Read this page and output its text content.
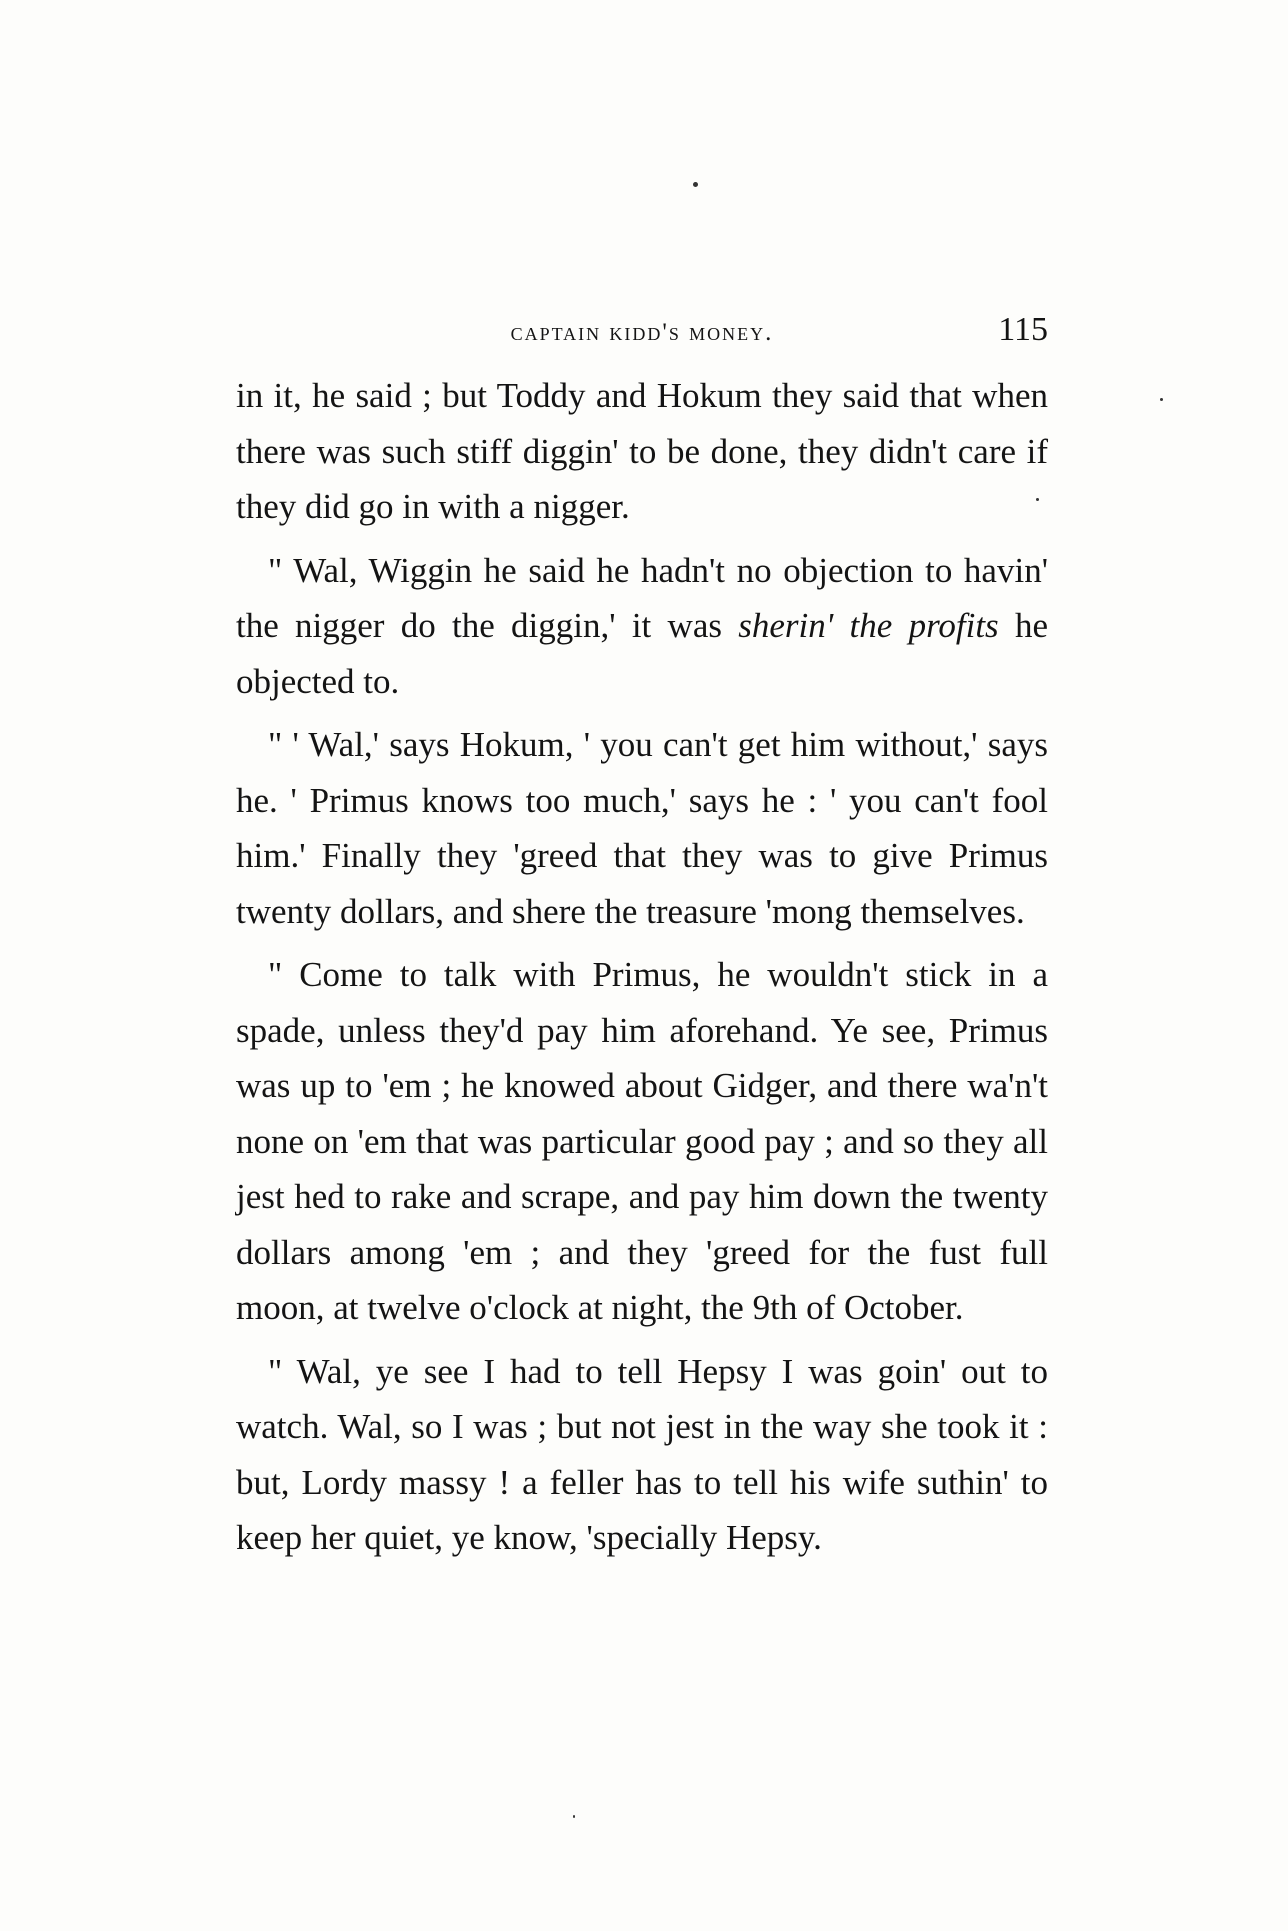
captain kidd's money.	115

in it, he said ; but Toddy and Hokum they said that when there was such stiff diggin' to be done, they didn't care if they did go in with a nigger.

" Wal, Wiggin he said he hadn't no objection to havin' the nigger do the diggin,' it was sherin' the profits he objected to.

" ' Wal,' says Hokum, ' you can't get him without,' says he. ' Primus knows too much,' says he : ' you can't fool him.' Finally they 'greed that they was to give Primus twenty dollars, and shere the treasure 'mong themselves.

" Come to talk with Primus, he wouldn't stick in a spade, unless they'd pay him aforehand. Ye see, Primus was up to 'em ; he knowed about Gidger, and there wa'n't none on 'em that was particular good pay ; and so they all jest hed to rake and scrape, and pay him down the twenty dollars among 'em ; and they 'greed for the fust full moon, at twelve o'clock at night, the 9th of October.

" Wal, ye see I had to tell Hepsy I was goin' out to watch. Wal, so I was ; but not jest in the way she took it : but, Lordy massy ! a feller has to tell his wife suthin' to keep her quiet, ye know, 'specially Hepsy.
